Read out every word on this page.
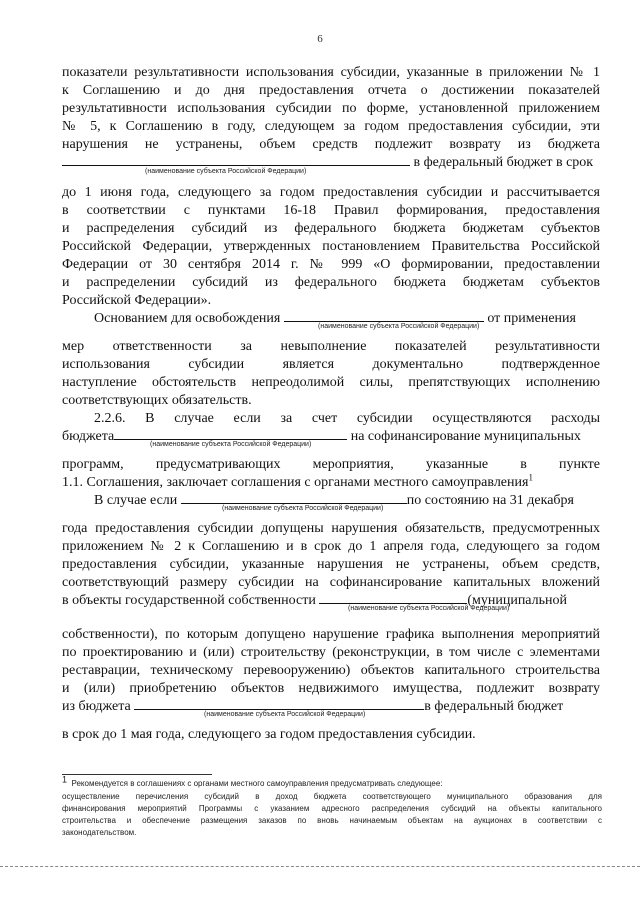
6
показатели результативности использования субсидии, указанные в приложении № 1
к Соглашению и до дня предоставления отчета о достижении показателей
результативности использования субсидии по форме, установленной приложением
№ 5, к Соглашению в году, следующем за годом предоставления субсидии, эти
нарушения не устранены, объем средств подлежит возврату из бюджета
в федеральный бюджет в срок
(наименование субъекта Российской Федерации)
до 1 июня года, следующего за годом предоставления субсидии и рассчитывается
в соответствии с пунктами 16-18 Правил формирования, предоставления
и распределения субсидий из федерального бюджета бюджетам субъектов
Российской Федерации, утвержденных постановлением Правительства Российской
Федерации от 30 сентября 2014 г. № 999 «О формировании, предоставлении
и распределении субсидий из федерального бюджета бюджетам субъектов
Российской Федерации».
Основанием для освобождения	от применения
(наименование субъекта Российской Федерации)
мер ответственности за невыполнение показателей результативности
использования субсидии является документально подтвержденное
наступление обстоятельств непреодолимой силы, препятствующих исполнению
соответствующих обязательств.
2.2.6. В случае если за счет субсидии осуществляются расходы
бюджета	на софинансирование муниципальных
(наименование субъекта Российской Федерации)
программ, предусматривающих мероприятия, указанные в пункте
1.1. Соглашения, заключает соглашения с органами местного самоуправления$^1$
В случае если	по состоянию на 31 декабря
(наименование субъекта Российской Федерации)
года предоставления субсидии допущены нарушения обязательств, предусмотренных
приложением № 2 к Соглашению и в срок до 1 апреля года, следующего за годом
предоставления субсидии, указанные нарушения не устранены, объем средств,
соответствующий размеру субсидии на софинансирование капитальных вложений
в объекты государственной собственности	(муниципальной
(наименование субъекта Российской Федерации)
собственности), по которым допущено нарушение графика выполнения мероприятий
по проектированию и (или) строительству (реконструкции, в том числе с элементами
реставрации, техническому перевооружению) объектов капитального строительства
и (или) приобретению объектов недвижимого имущества, подлежит возврату
из бюджета	в федеральный бюджет
(наименование субъекта Российской Федерации)
в срок до 1 мая года, следующего за годом предоставления субсидии.
$^1$ Рекомендуется в соглашениях с органами местного самоуправления предусматривать следующее:
осуществление перечисления субсидий в доход бюджета соответствующего муниципального образования для
финансирования мероприятий Программы с указанием адресного распределения субсидий на объекты капитального
строительства и обеспечение размещения заказов по вновь начинаемым объектам на аукционах в соответствии с
законодательством.
